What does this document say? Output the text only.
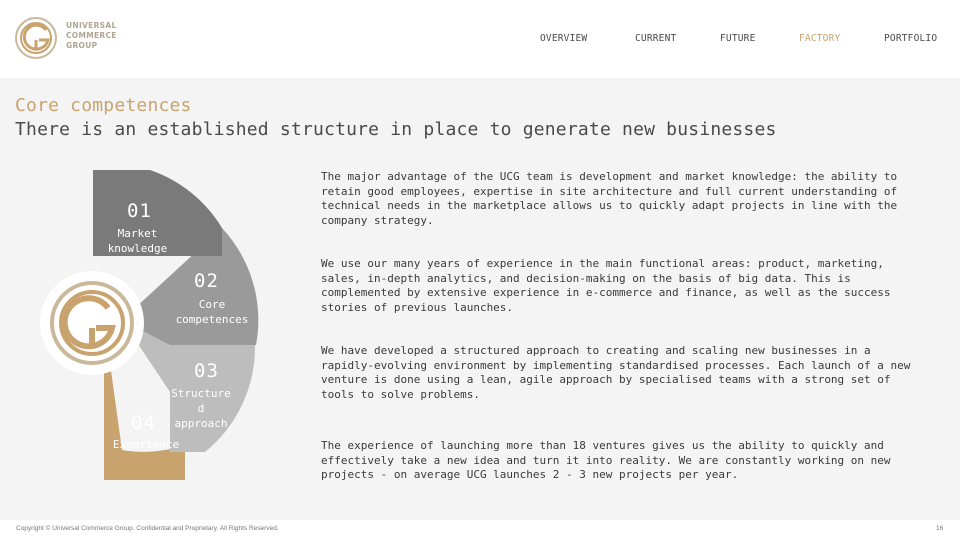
UNIVERSAL
COMMERCE
GROUP
OVERVIEW	CURRENT	FUTURE	FACTORY	PORTFOLIO
Core competences
There is an established structure in place to generate new businesses
01
Market
knowledge
02
Core
competences
03
Structure
d
approach
04
Experience
The major advantage of the UCG team is development and market knowledge: the ability to retain good employees, expertise in site architecture and full current understanding of technical needs in the marketplace allows us to quickly adapt projects in line with the company strategy.
We use our many years of experience in the main functional areas: product, marketing, sales, in-depth analytics, and decision-making on the basis of big data. This is complemented by extensive experience in e-commerce and finance, as well as the success stories of previous launches.
We have developed a structured approach to creating and scaling new businesses in a rapidly-evolving environment by implementing standardised processes. Each launch of a new venture is done using a lean, agile approach by specialised teams with a strong set of tools to solve problems.
The experience of launching more than 18 ventures gives us the ability to quickly and effectively take a new idea and turn it into reality. We are constantly working on new projects - on average UCG launches 2 - 3 new projects per year.
Copyright © Universal Commerce Group. Confidential and Proprietary. All Rights Reserved.	16
